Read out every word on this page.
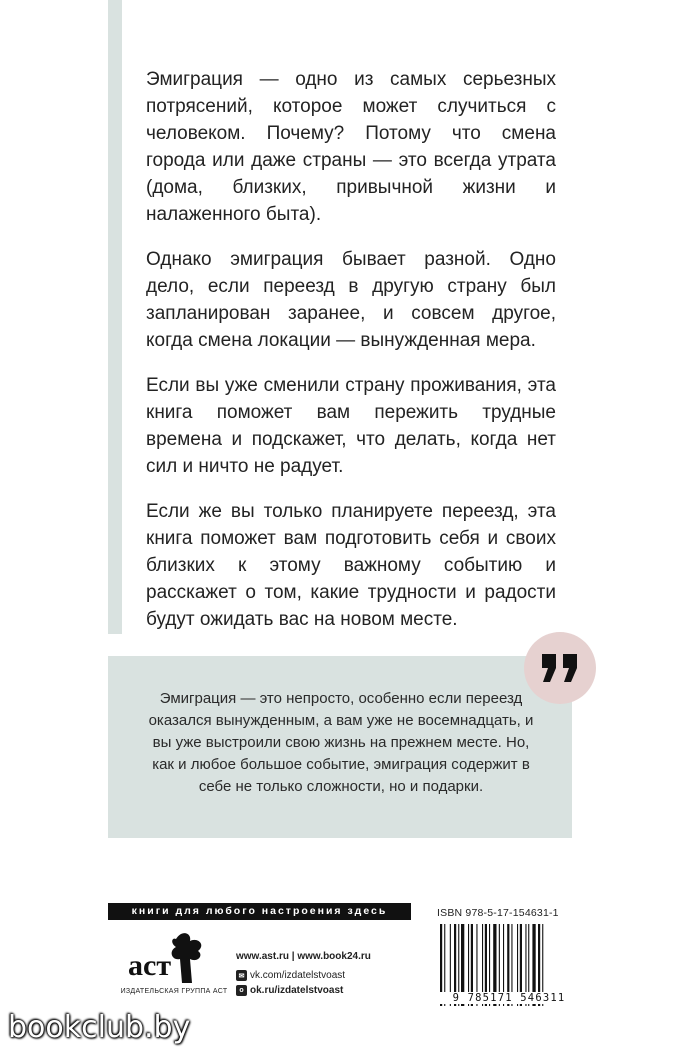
Эмиграция — одно из самых серьезных потрясений, которое может случиться с человеком. Почему? Потому что смена города или даже страны — это всегда утрата (дома, близких, привычной жизни и налаженного быта).

Однако эмиграция бывает разной. Одно дело, если переезд в другую страну был запланирован заранее, и совсем другое, когда смена локации — вынужденная мера.

Если вы уже сменили страну проживания, эта книга поможет вам пережить трудные времена и подскажет, что делать, когда нет сил и ничто не радует.

Если же вы только планируете переезд, эта книга поможет вам подготовить себя и своих близких к этому важному событию и расскажет о том, какие трудности и радости будут ожидать вас на новом месте.

Эмиграция — это непросто, особенно если переезд оказался вынужденным, а вам уже не восемнадцать, и вы уже выстроили свою жизнь на прежнем месте. Но, как и любое большое событие, эмиграция содержит в себе не только сложности, но и подарки.
книги для любого настроения здесь
аст
ИЗДАТЕЛЬСКАЯ ГРУППА АСТ
www.ast.ru | www.book24.ru
✉ vk.com/izdatelstvoast
o ok.ru/izdatelstvoast
ISBN 978-5-17-154631-1
9 785171 546311
bookclub.by
